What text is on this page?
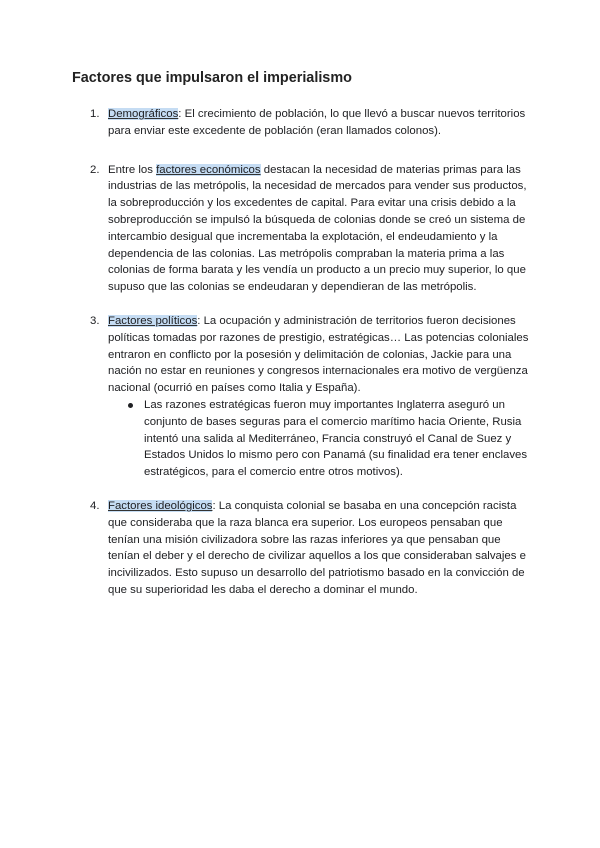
Factores que impulsaron el imperialismo
1. Demográficos: El crecimiento de población, lo que llevó a buscar nuevos territorios para enviar este excedente de población (eran llamados colonos).

2. Entre los factores económicos destacan la necesidad de materias primas para las industrias de las metrópolis, la necesidad de mercados para vender sus productos, la sobreproducción y los excedentes de capital. Para evitar una crisis debido a la sobreproducción se impulsó la búsqueda de colonias donde se creó un sistema de intercambio desigual que incrementaba la explotación, el endeudamiento y la dependencia de las colonias. Las metrópolis compraban la materia prima a las colonias de forma barata y les vendía un producto a un precio muy superior, lo que supuso que las colonias se endeudaran y dependieran de las metrópolis.

3. Factores políticos: La ocupación y administración de territorios fueron decisiones políticas tomadas por razones de prestigio, estratégicas… Las potencias coloniales entraron en conflicto por la posesión y delimitación de colonias, Jackie para una nación no estar en reuniones y congresos internacionales era motivo de vergüenza nacional (ocurrió en países como Italia y España).

Las razones estratégicas fueron muy importantes Inglaterra aseguró un conjunto de bases seguras para el comercio marítimo hacia Oriente, Rusia intentó una salida al Mediterráneo, Francia construyó el Canal de Suez y Estados Unidos lo mismo pero con Panamá (su finalidad era tener enclaves estratégicos, para el comercio entre otros motivos).

4. Factores ideológicos: La conquista colonial se basaba en una concepción racista que consideraba que la raza blanca era superior. Los europeos pensaban que tenían una misión civilizadora sobre las razas inferiores ya que pensaban que tenían el deber y el derecho de civilizar aquellos a los que consideraban salvajes e incivilizados. Esto supuso un desarrollo del patriotismo basado en la convicción de que su superioridad les daba el derecho a dominar el mundo.
